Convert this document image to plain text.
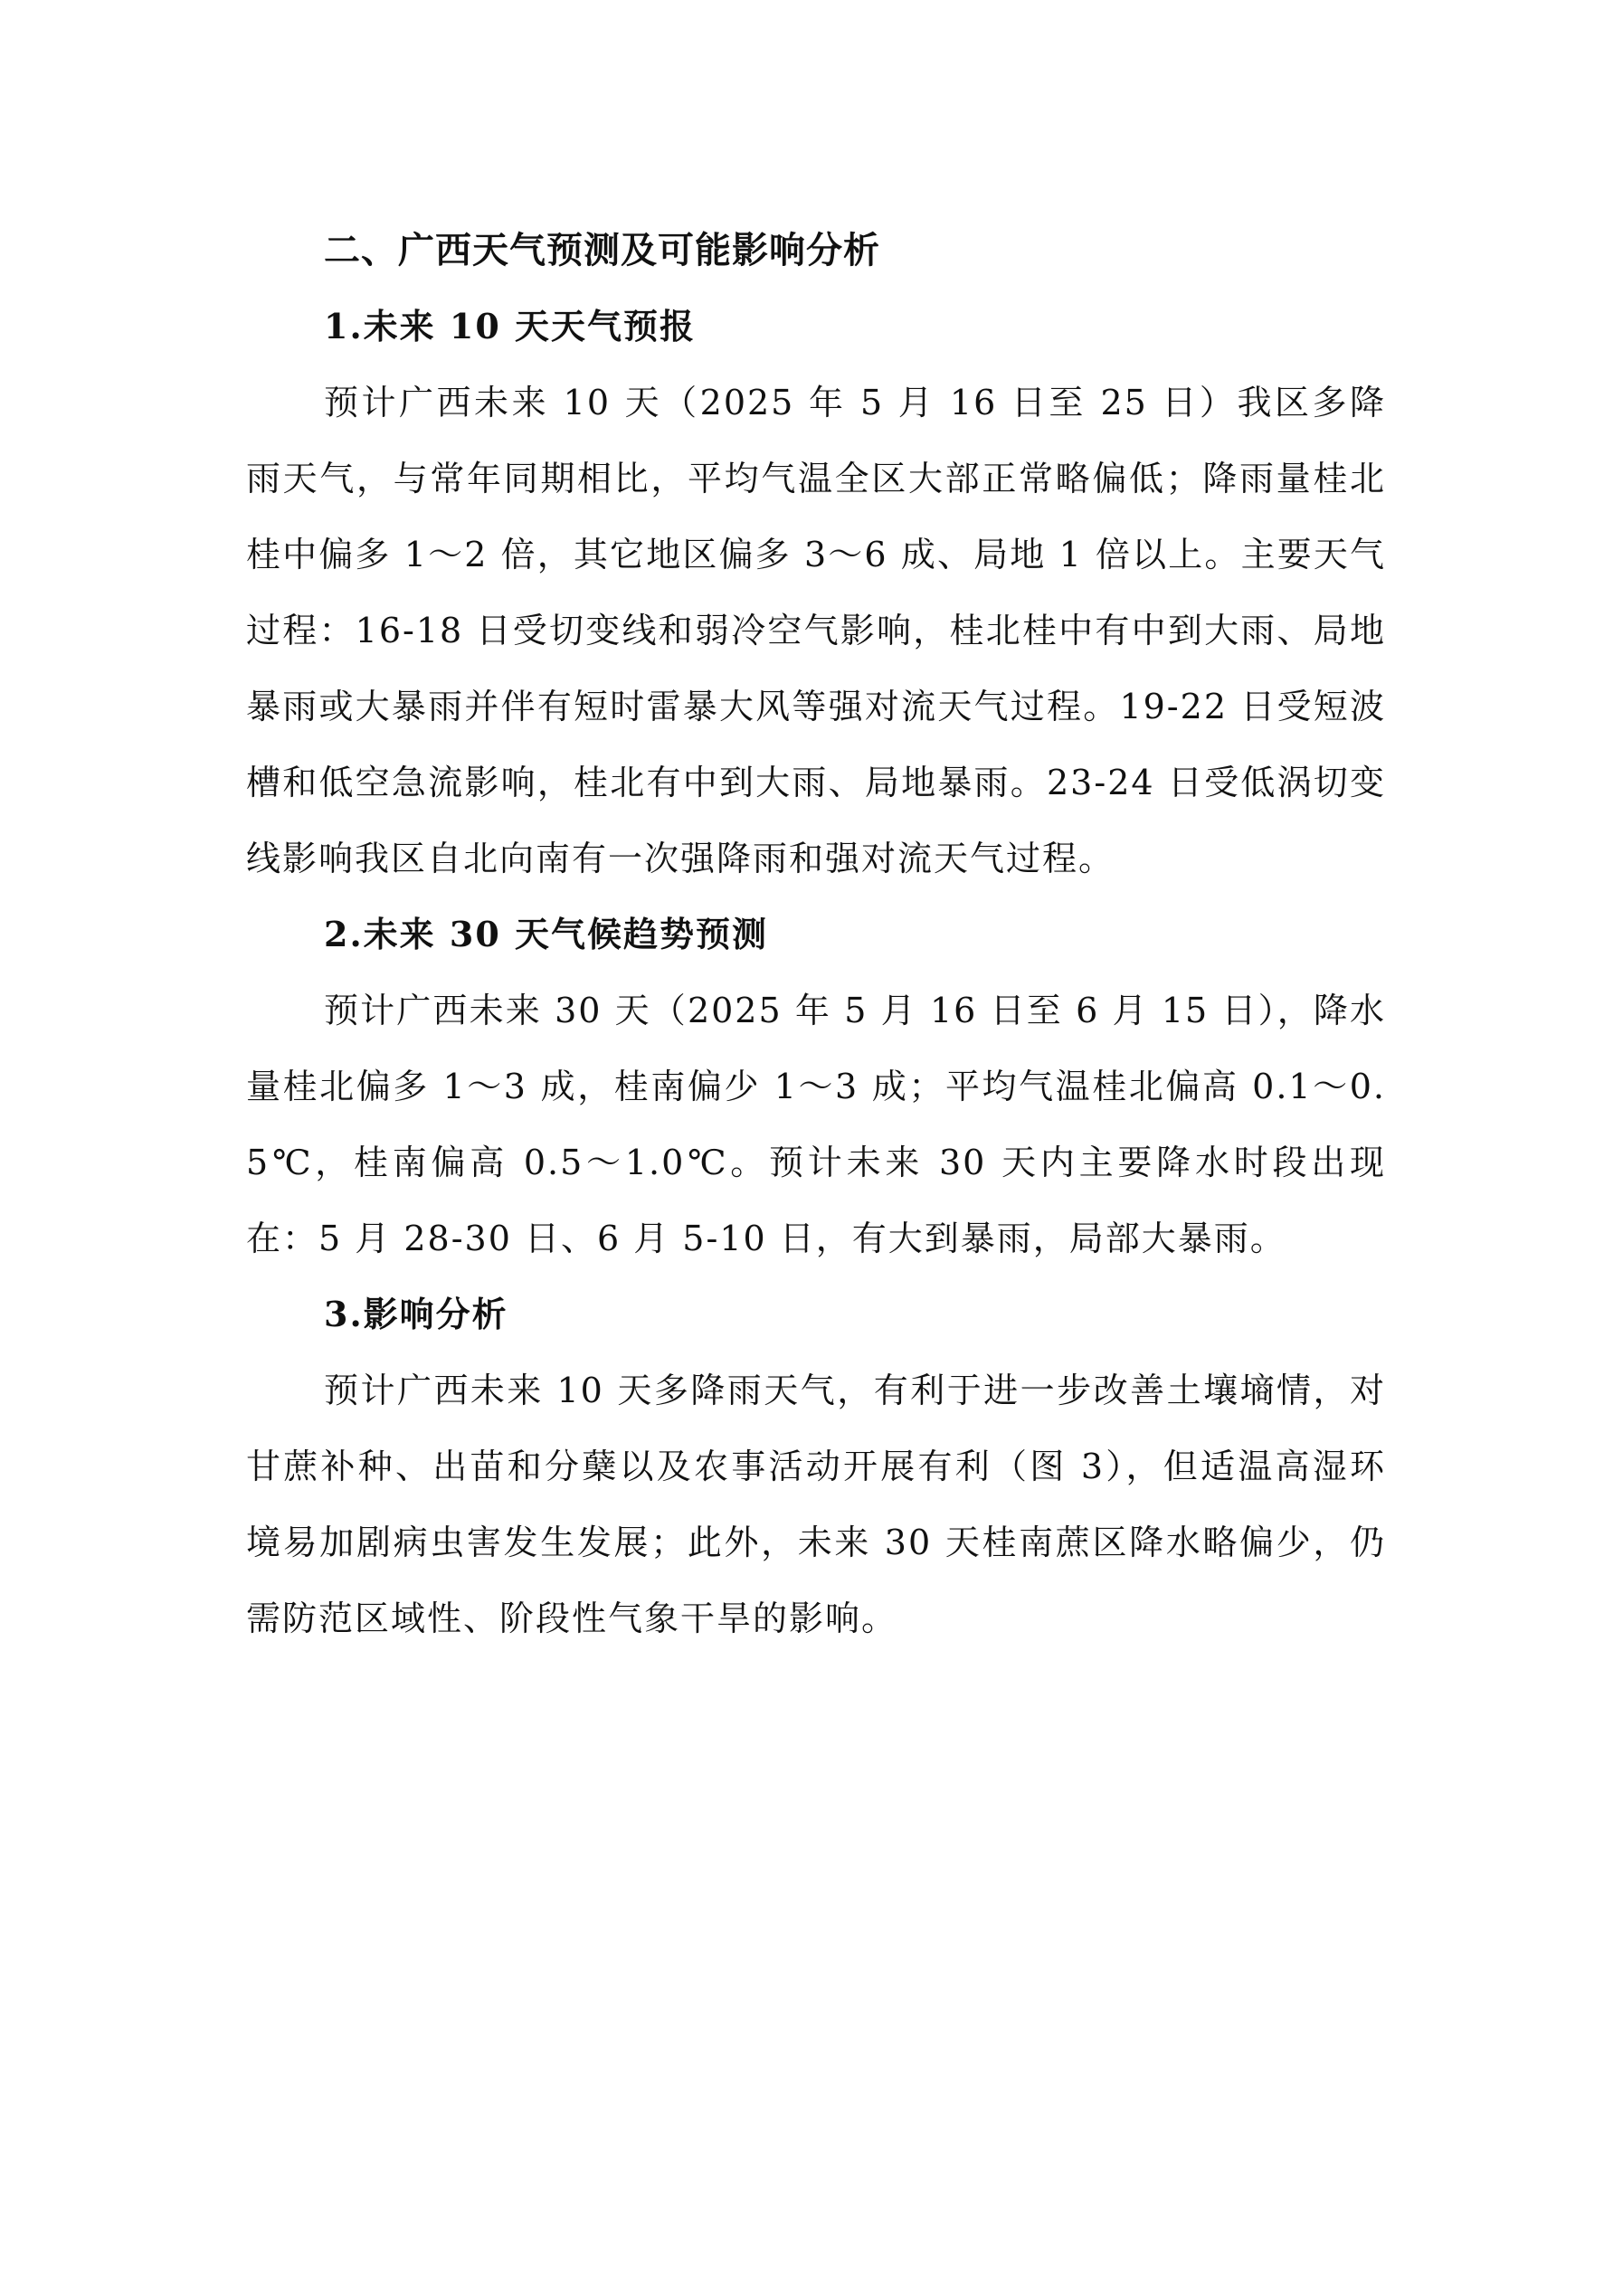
二、广西天气预测及可能影响分析
1.未来 10 天天气预报

预计广西未来 10 天（2025 年 5 月 16 日至 25 日）我区多降雨天气，与常年同期相比，平均气温全区大部正常略偏低；降雨量桂北桂中偏多 1～2 倍，其它地区偏多 3～6 成、局地 1 倍以上。主要天气过程：16-18 日受切变线和弱冷空气影响，桂北桂中有中到大雨、局地暴雨或大暴雨并伴有短时雷暴大风等强对流天气过程。19-22 日受短波槽和低空急流影响，桂北有中到大雨、局地暴雨。23-24 日受低涡切变线影响我区自北向南有一次强降雨和强对流天气过程。

2.未来 30 天气候趋势预测

预计广西未来 30 天（2025 年 5 月 16 日至 6 月 15 日），降水量桂北偏多 1～3 成，桂南偏少 1～3 成；平均气温桂北偏高 0.1～0.5℃，桂南偏高 0.5～1.0℃。预计未来 30 天内主要降水时段出现在：5 月 28-30 日、6 月 5-10 日，有大到暴雨，局部大暴雨。

3.影响分析

预计广西未来 10 天多降雨天气，有利于进一步改善土壤墒情，对甘蔗补种、出苗和分蘖以及农事活动开展有利（图 3），但适温高湿环境易加剧病虫害发生发展；此外，未来 30 天桂南蔗区降水略偏少，仍需防范区域性、阶段性气象干旱的影响。
